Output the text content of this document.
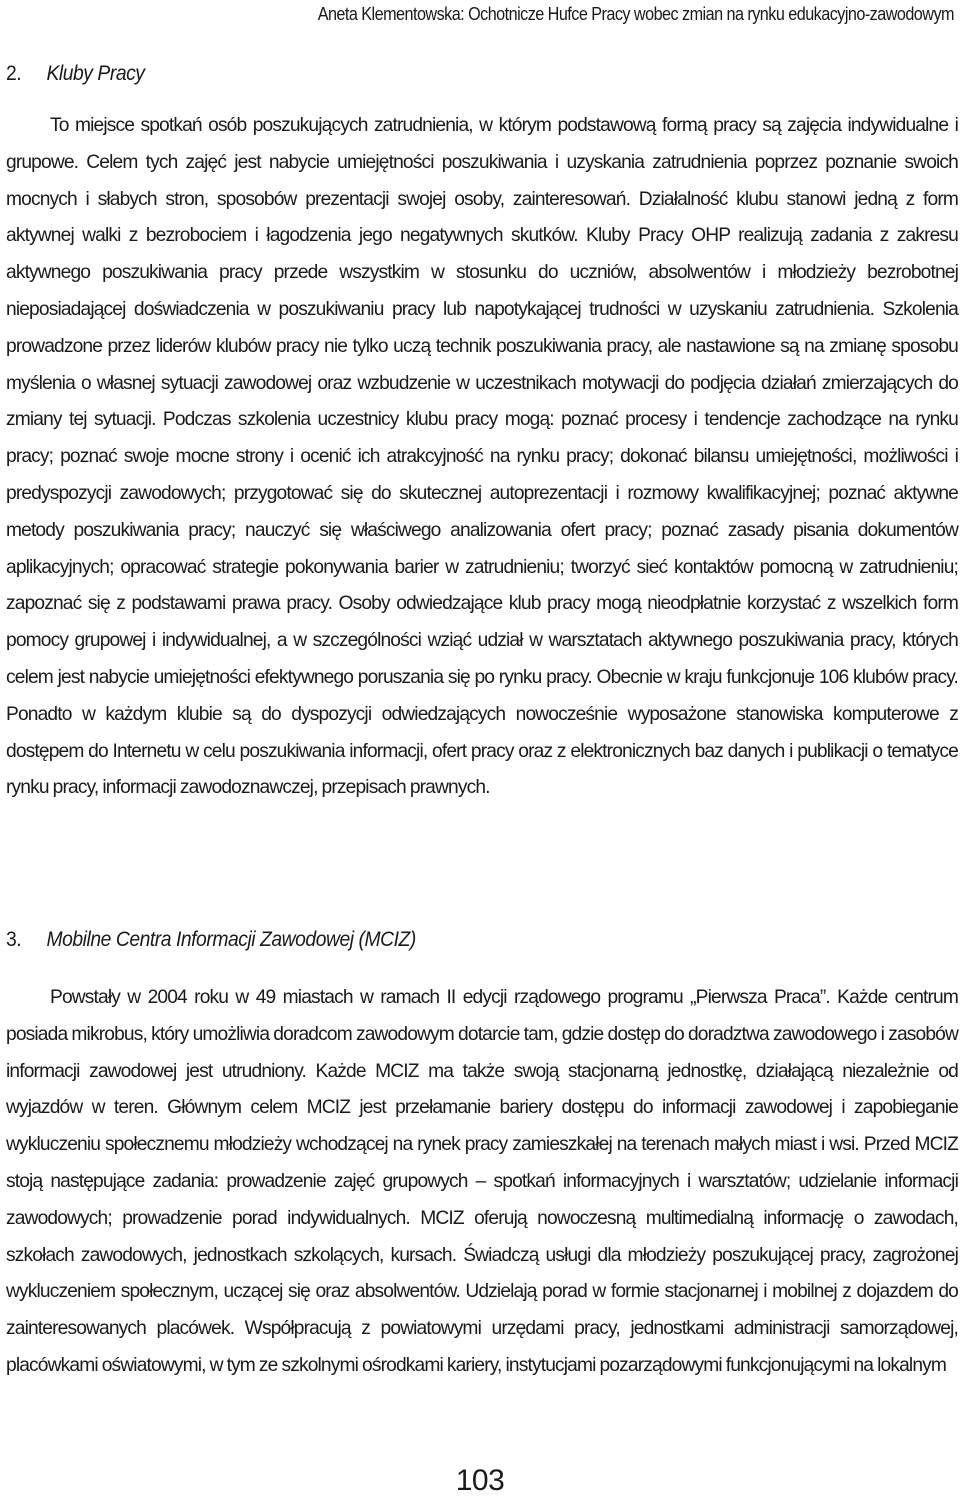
Aneta Klementowska: Ochotnicze Hufce Pracy wobec zmian na rynku edukacyjno-zawodowym
2. Kluby Pracy

To miejsce spotkań osób poszukujących zatrudnienia, w którym podstawową formą pracy są zajęcia indywidualne i grupowe. Celem tych zajęć jest nabycie umiejętności poszukiwania i uzyskania zatrudnienia poprzez poznanie swoich mocnych i słabych stron, sposobów prezentacji swojej osoby, zainteresowań. Działalność klubu stanowi jedną z form aktywnej walki z bezrobociem i łagodzenia jego negatywnych skutków. Kluby Pracy OHP realizują zadania z zakresu aktywnego poszukiwania pracy przede wszystkim w stosunku do uczniów, absolwentów i młodzieży bezrobotnej nieposiadającej doświadczenia w poszukiwaniu pracy lub napotykającej trudności w uzyskaniu zatrudnienia. Szkolenia prowadzone przez liderów klubów pracy nie tylko uczą technik poszukiwania pracy, ale nastawione są na zmianę sposobu myślenia o własnej sytuacji zawodowej oraz wzbudzenie w uczestnikach motywacji do podjęcia działań zmierzających do zmiany tej sytuacji. Podczas szkolenia uczestnicy klubu pracy mogą: poznać procesy i tendencje zachodzące na rynku pracy; poznać swoje mocne strony i ocenić ich atrakcyjność na rynku pracy; dokonać bilansu umiejętności, możliwości i predyspozycji zawodowych; przygotować się do skutecznej autoprezentacji i rozmowy kwalifikacyjnej; poznać aktywne metody poszukiwania pracy; nauczyć się właściwego analizowania ofert pracy; poznać zasady pisania dokumentów aplikacyjnych; opracować strategie pokonywania barier w zatrudnieniu; tworzyć sieć kontaktów pomocną w zatrudnieniu; zapoznać się z podstawami prawa pracy. Osoby odwiedzające klub pracy mogą nieodpłatnie korzystać z wszelkich form pomocy grupowej i indywidualnej, a w szczególności wziąć udział w warsztatach aktywnego poszukiwania pracy, których celem jest nabycie umiejętności efektywnego poruszania się po rynku pracy. Obecnie w kraju funkcjonuje 106 klubów pracy. Ponadto w każdym klubie są do dyspozycji odwiedzających nowocześnie wyposażone stanowiska komputerowe z dostępem do Internetu w celu poszukiwania informacji, ofert pracy oraz z elektronicznych baz danych i publikacji o tematyce rynku pracy, informacji zawodoznawczej, przepisach prawnych.

3. Mobilne Centra Informacji Zawodowej (MCIZ)

Powstały w 2004 roku w 49 miastach w ramach II edycji rządowego programu „Pierwsza Praca”. Każde centrum posiada mikrobus, który umożliwia doradcom zawodowym dotarcie tam, gdzie dostęp do doradztwa zawodowego i zasobów informacji zawodowej jest utrudniony. Każde MCIZ ma także swoją stacjonarną jednostkę, działającą niezależnie od wyjazdów w teren. Głównym celem MCIZ jest przełamanie bariery dostępu do informacji zawodowej i zapobieganie wykluczeniu społecznemu młodzieży wchodzącej na rynek pracy zamieszkałej na terenach małych miast i wsi. Przed MCIZ stoją następujące zadania: prowadzenie zajęć grupowych – spotkań informacyjnych i warsztatów; udzielanie informacji zawodowych; prowadzenie porad indywidualnych. MCIZ oferują nowoczesną multimedialną informację o zawodach, szkołach zawodowych, jednostkach szkolących, kursach. Świadczą usługi dla młodzieży poszukującej pracy, zagrożonej wykluczeniem społecznym, uczącej się oraz absolwentów. Udzielają porad w formie stacjonarnej i mobilnej z dojazdem do zainteresowanych placówek. Współpracują z powiatowymi urzędami pracy, jednostkami administracji samorządowej, placówkami oświatowymi, w tym ze szkolnymi ośrodkami kariery, instytucjami pozarządowymi funkcjonującymi na lokalnym

103
